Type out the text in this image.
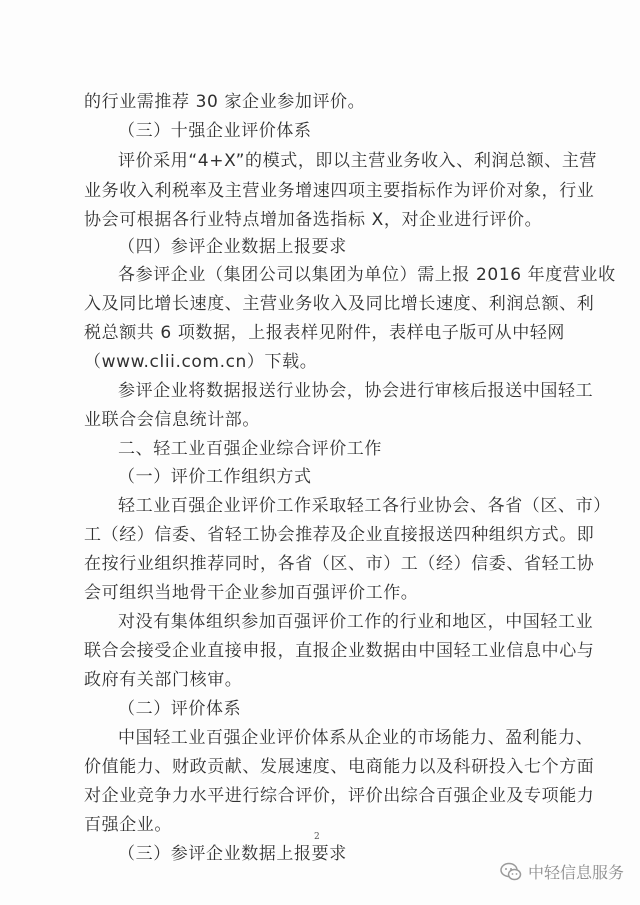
的行业需推荐 30 家企业参加评价。
（三）十强企业评价体系
评价采用“4+X”的模式，即以主营业务收入、利润总额、主营
业务收入利税率及主营业务增速四项主要指标作为评价对象，行业
协会可根据各行业特点增加备选指标 X，对企业进行评价。
（四）参评企业数据上报要求
各参评企业（集团公司以集团为单位）需上报 2016 年度营业收
入及同比增长速度、主营业务收入及同比增长速度、利润总额、利
税总额共 6 项数据，上报表样见附件，表样电子版可从中轻网
（www.clii.com.cn）下载。
参评企业将数据报送行业协会，协会进行审核后报送中国轻工
业联合会信息统计部。
二、轻工业百强企业综合评价工作
（一）评价工作组织方式
轻工业百强企业评价工作采取轻工各行业协会、各省（区、市）
工（经）信委、省轻工协会推荐及企业直接报送四种组织方式。即
在按行业组织推荐同时，各省（区、市）工（经）信委、省轻工协
会可组织当地骨干企业参加百强评价工作。
对没有集体组织参加百强评价工作的行业和地区，中国轻工业
联合会接受企业直接申报，直报企业数据由中国轻工业信息中心与
政府有关部门核审。
（二）评价体系
中国轻工业百强企业评价体系从企业的市场能力、盈利能力、
价值能力、财政贡献、发展速度、电商能力以及科研投入七个方面
对企业竞争力水平进行综合评价，评价出综合百强企业及专项能力
百强企业。
（三）参评企业数据上报要求
2
中轻信息服务
